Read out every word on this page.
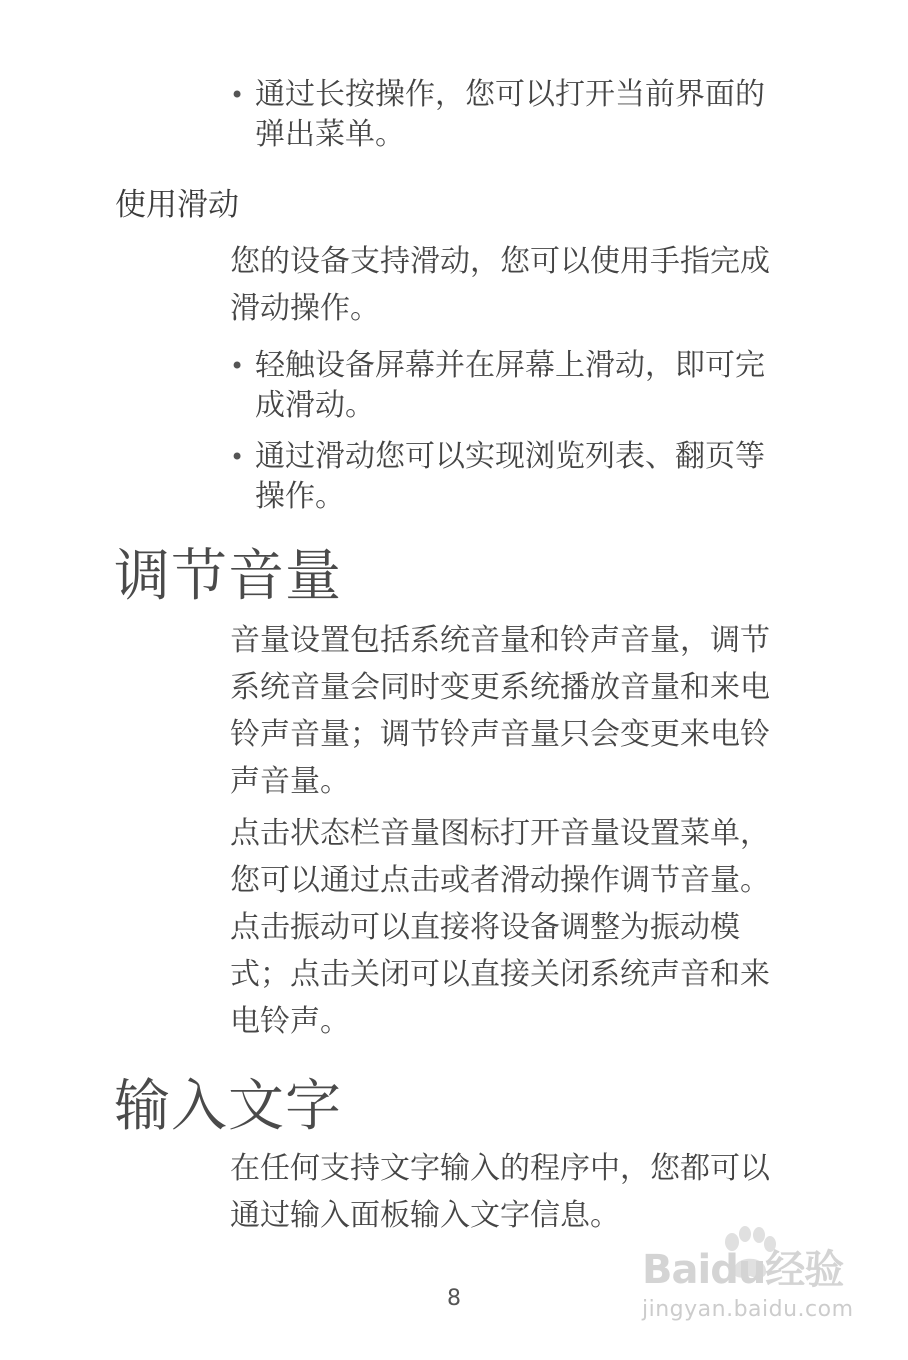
• 通过长按操作，您可以打开当前界面的弹出菜单。
使用滑动

您的设备支持滑动，您可以使用手指完成滑动操作。

• 轻触设备屏幕并在屏幕上滑动，即可完成滑动。
• 通过滑动您可以实现浏览列表、翻页等操作。
调节音量

音量设置包括系统音量和铃声音量，调节系统音量会同时变更系统播放音量和来电铃声音量；调节铃声音量只会变更来电铃声音量。

点击状态栏音量图标打开音量设置菜单，您可以通过点击或者滑动操作调节音量。点击振动可以直接将设备调整为振动模式；点击关闭可以直接关闭系统声音和来电铃声。

输入文字

在任何支持文字输入的程序中，您都可以通过输入面板输入文字信息。

8
Baidu经验
jingyan.baidu.com
